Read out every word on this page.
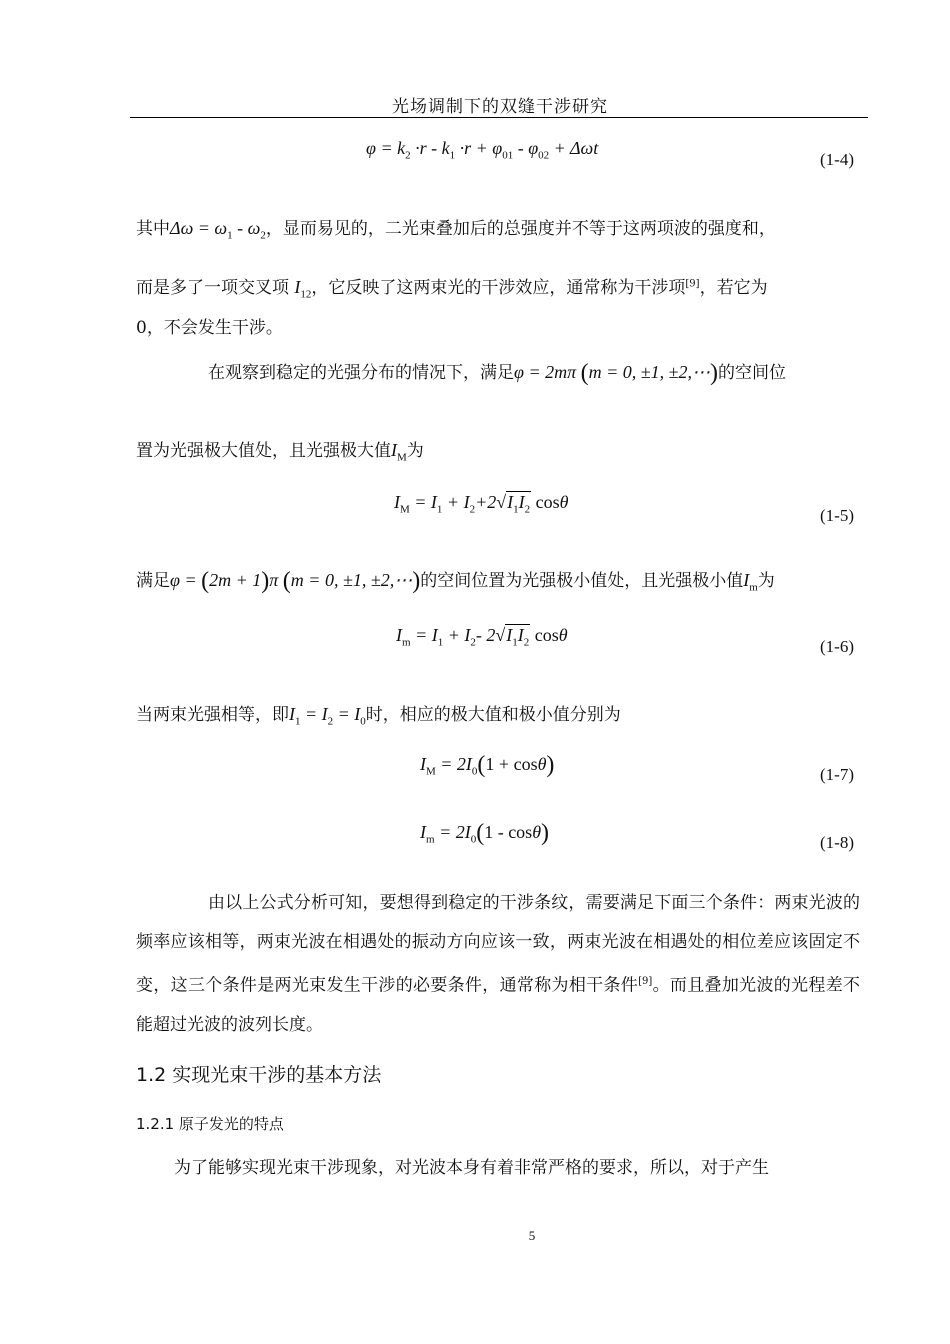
光场调制下的双缝干涉研究
$\varphi = k_2 \cdot r - k_1 \cdot r + \varphi_{01} - \varphi_{02} + \Delta\omega t$
(1-4)
其中$\Delta\omega = \omega_1 - \omega_2$，显而易见的，二光束叠加后的总强度并不等于这两项波的强度和，
而是多了一项交叉项 $I_{12}$，它反映了这两束光的干涉效应，通常称为干涉项[9]，若它为
0，不会发生干涉。
在观察到稳定的光强分布的情况下，满足φ = 2mπ (m = 0, ±1, ±2,⋯)的空间位
置为光强极大值处，且光强极大值$I_M$为
$I_M = I_1 + I_2+2√I_1I_2$ cosθ
(1-5)
满足φ = (2m + 1)π (m = 0, ±1, ±2,⋯)的空间位置为光强极小值处，且光强极小值$I_m$为
$I_m = I_1 + I_2-$ $2√I_1I_2$ cosθ
(1-6)
当两束光强相等，即$I_1 = I_2 = I_0$时，相应的极大值和极小值分别为
$I_M = 2I_0(1 + \cos\theta)$	(1-7)
$I_m = 2I_0(1 - \cos\theta)$	(1-8)
由以上公式分析可知，要想得到稳定的干涉条纹，需要满足下面三个条件：两束光波的频率应该相等，两束光波在相遇处的振动方向应该一致，两束光波在相遇处的相位差应该固定不变，这三个条件是两光束发生干涉的必要条件，通常称为相干条件[9]。而且叠加光波的光程差不能超过光波的波列长度。
1.2 实现光束干涉的基本方法
1.2.1 原子发光的特点
为了能够实现光束干涉现象，对光波本身有着非常严格的要求，所以，对于产生
5
